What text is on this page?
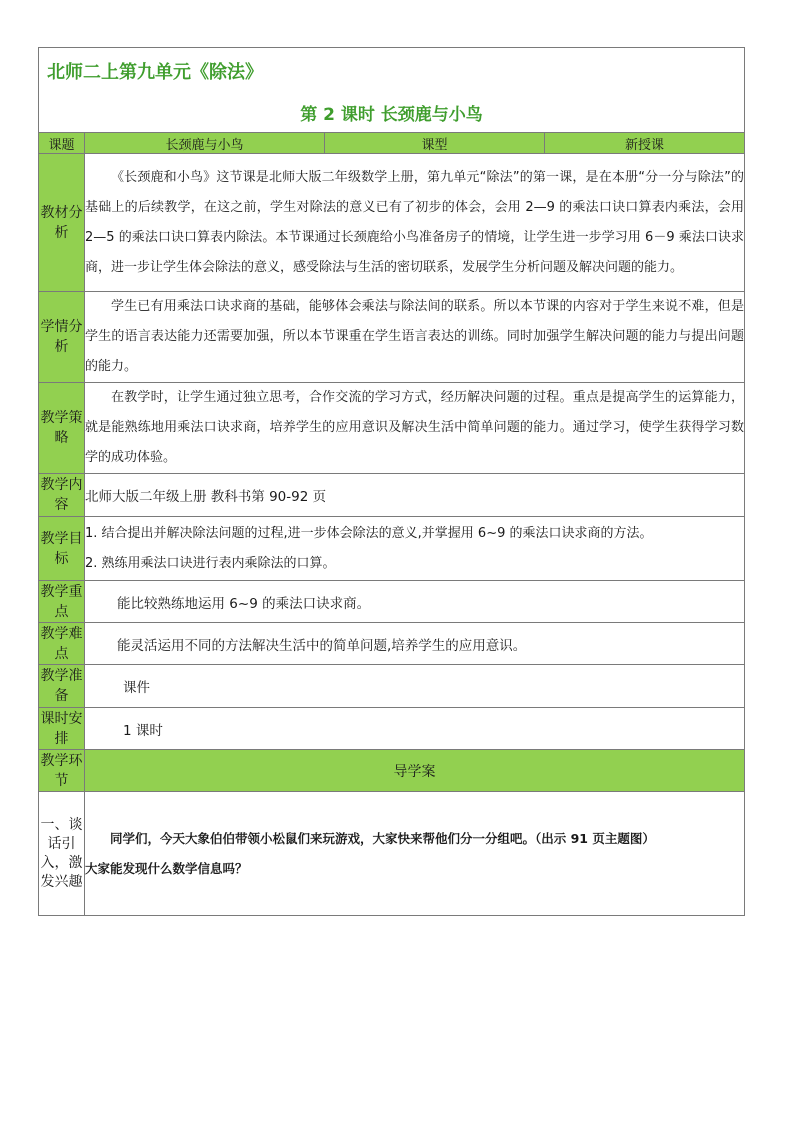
北师二上第九单元《除法》
第 2 课时 长颈鹿与小鸟			

课题	长颈鹿与小鸟	课型	新授课
教材分析	《长颈鹿和小鸟》这节课是北师大版二年级数学上册，第九单元“除法”的第一课，是在本册“分一分与除法”的基础上的后续教学，在这之前，学生对除法的意义已有了初步的体会，会用 2—9 的乘法口诀口算表内乘法，会用 2—5 的乘法口诀口算表内除法。本节课通过长颈鹿给小鸟准备房子的情境，让学生进一步学习用 6－9 乘法口诀求商，进一步让学生体会除法的意义，感受除法与生活的密切联系，发展学生分析问题及解决问题的能力。		
学情分析	学生已有用乘法口诀求商的基础，能够体会乘法与除法间的联系。所以本节课的内容对于学生来说不难，但是学生的语言表达能力还需要加强，所以本节课重在学生语言表达的训练。同时加强学生解决问题的能力与提出问题的能力。		
教学策略	在教学时，让学生通过独立思考，合作交流的学习方式，经历解决问题的过程。重点是提高学生的运算能力，就是能熟练地用乘法口诀求商，培养学生的应用意识及解决生活中简单问题的能力。通过学习，使学生获得学习数学的成功体验。		
教学内容	北师大版二年级上册 教科书第 90-92 页		
教学目标	1. 结合提出并解决除法问题的过程,进一步体会除法的意义,并掌握用 6~9 的乘法口诀求商的方法。
2. 熟练用乘法口诀进行表内乘除法的口算。		

教学重点	能比较熟练地运用 6~9 的乘法口诀求商。		
教学难点	能灵活运用不同的方法解决生活中的简单问题,培养学生的应用意识。		
教学准备	课件		
课时安排	1 课时		
教学环节	导学案		
一、谈话引入，激发兴趣	同学们，今天大象伯伯带领小松鼠们来玩游戏，大家快来帮他们分一分组吧。（出示 91 页主题图）

大家能发现什么数学信息吗？		
